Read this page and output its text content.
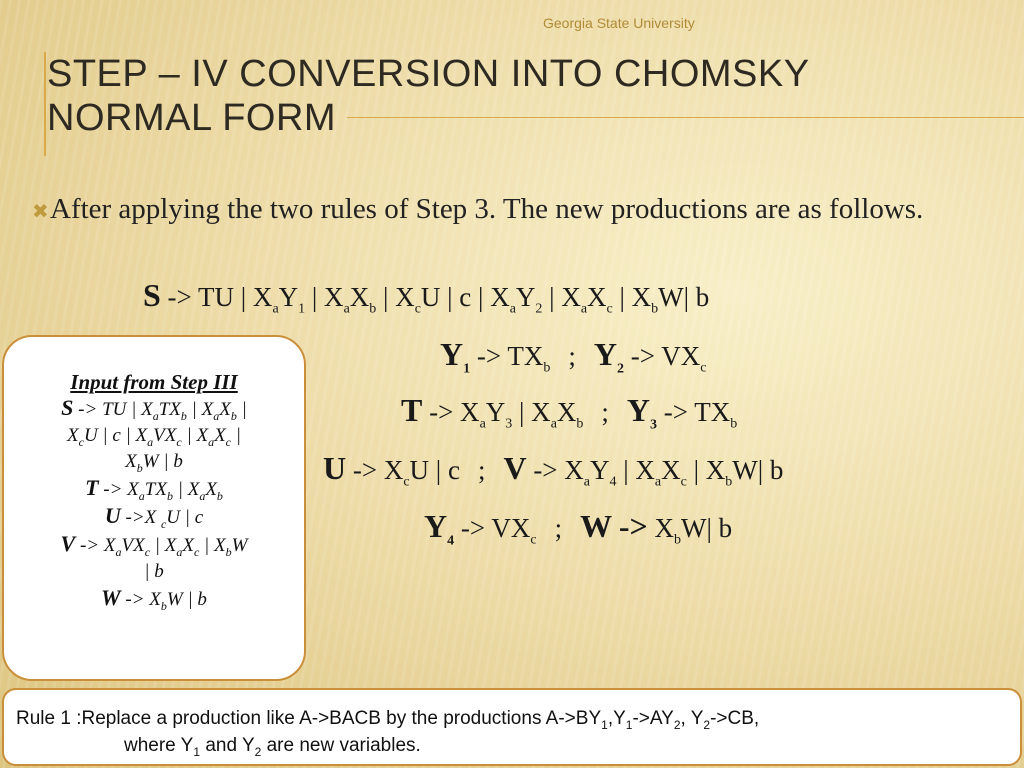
Georgia State University
STEP – IV CONVERSION INTO CHOMSKY NORMAL FORM

✖ After applying the two rules of Step 3. The new productions are as follows.

S -> TU | $X_aY_1$ | $X_aX_b$ | $X_cU$ | c | $X_aY_2$ | $X_aX_c$ | $X_bW|$ b
$Y_1 -> TX_b$ ; $Y_2 -> VX_c$
$T -> X_aY_3$ | $X_aX_b$ ; $Y_3 -> TX_b$
$U -> X_cU$ | c ; $V -> X_aY_4$ | $X_aX_c$ | $X_bW|$ b
$Y_4 -> VX_c$ ; $W -> X_bW|$ b
Input from Step III
S -> TU | $X_aTX_b$ | $X_aX_b$ |
$X_cU$ | c | $X_aVX_c$ | $X_aX_c$ |
$X_bW$ | b
$T -> X_aTX_b$ | $X_aX_b$
U ->X $_c$U | c
$V -> X_aVX_c$ | $X_aX_c$ | $X_bW$
| b
$W -> X_bW$ | b
Rule 1 :Replace a production like A->BACB by the productions $A->BY_1,Y_1->AY_2$, $Y_2->CB$,
where $Y_1$ and $Y_2$ are new variables.
